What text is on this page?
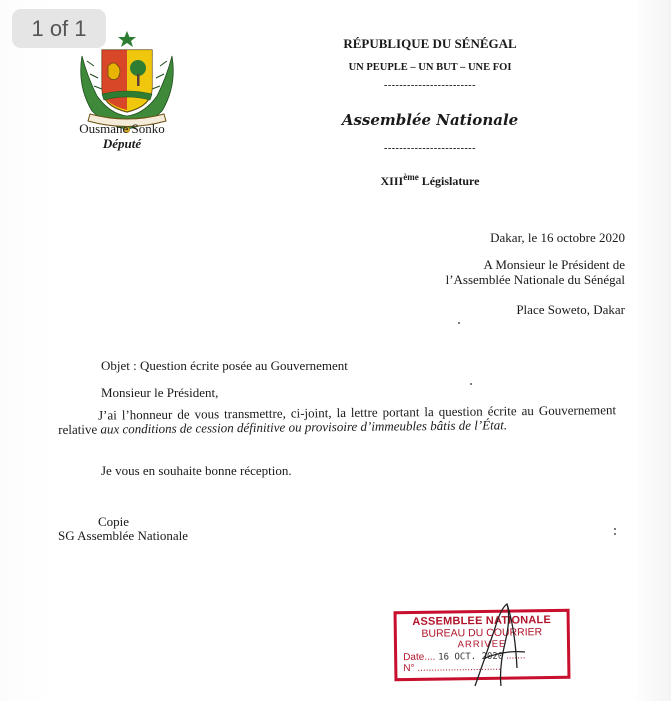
1 of 1
Ousmane Sonko
Député
RÉPUBLIQUE DU SÉNÉGAL
UN PEUPLE – UN BUT – UNE FOI
------------------------
Assemblée Nationale
------------------------
XIIIème Législature
Dakar, le 16 octobre 2020
A Monsieur le Président de
l’Assemblée Nationale du Sénégal
Place Soweto, Dakar
Objet : Question écrite posée au Gouvernement
Monsieur le Président,
J’ai l’honneur de vous transmettre, ci-joint, la lettre portant la question écrite au Gouvernement relative aux conditions de cession définitive ou provisoire d’immeubles bâtis de l’État.
Je vous en souhaite bonne réception.
Copie
SG Assemblée Nationale
ASSEMBLEE NATIONALE
BUREAU DU COURRIER
ARRIVEE
Date.... 16 OCT. 2020 .......
N° ..............................
